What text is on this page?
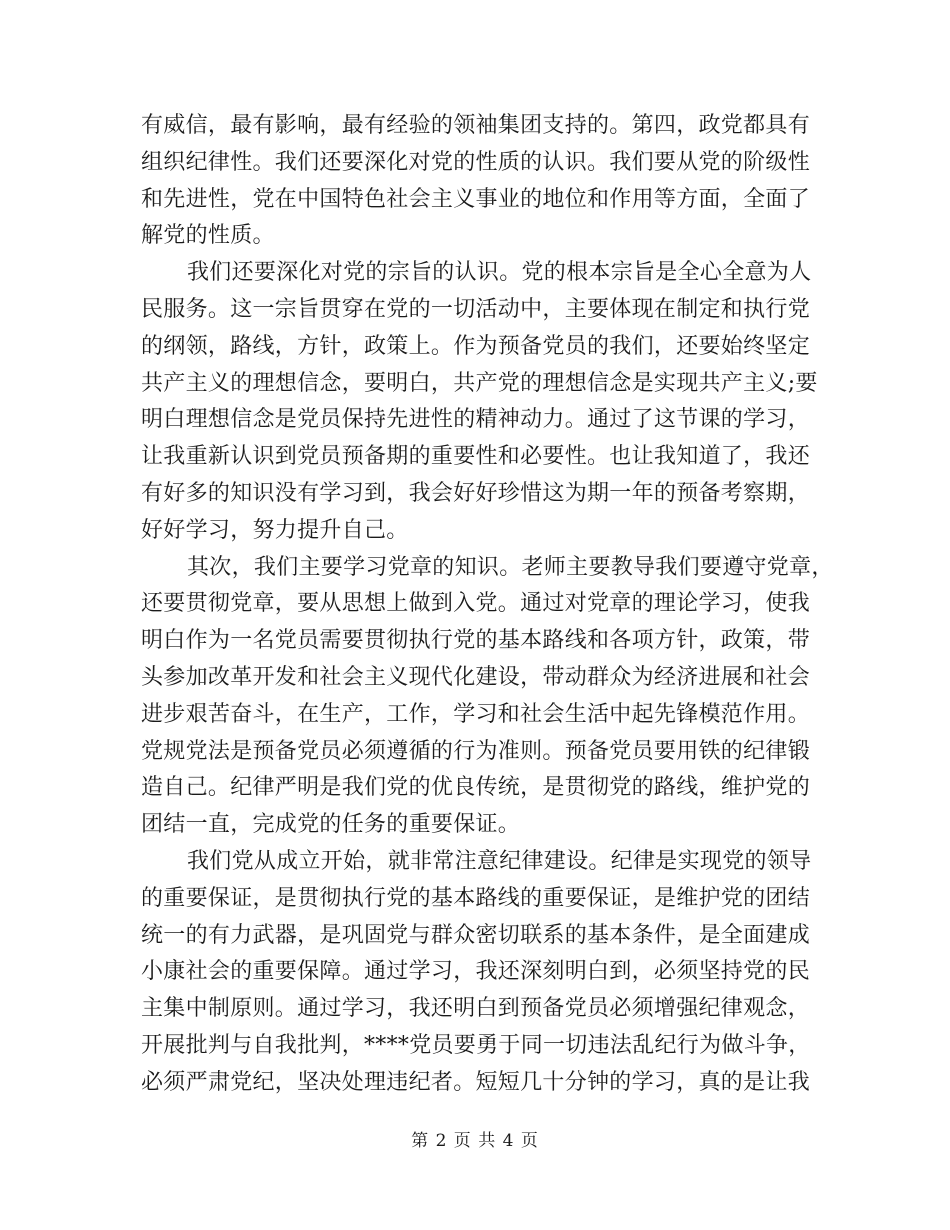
有威信，最有影响，最有经验的领袖集团支持的。第四，政党都具有
组织纪律性。我们还要深化对党的性质的认识。我们要从党的阶级性
和先进性，党在中国特色社会主义事业的地位和作用等方面，全面了
解党的性质。
我们还要深化对党的宗旨的认识。党的根本宗旨是全心全意为人
民服务。这一宗旨贯穿在党的一切活动中，主要体现在制定和执行党
的纲领，路线，方针，政策上。作为预备党员的我们，还要始终坚定
共产主义的理想信念，要明白，共产党的理想信念是实现共产主义;要
明白理想信念是党员保持先进性的精神动力。通过了这节课的学习，
让我重新认识到党员预备期的重要性和必要性。也让我知道了，我还
有好多的知识没有学习到，我会好好珍惜这为期一年的预备考察期，
好好学习，努力提升自己。
其次，我们主要学习党章的知识。老师主要教导我们要遵守党章，
还要贯彻党章，要从思想上做到入党。通过对党章的理论学习，使我
明白作为一名党员需要贯彻执行党的基本路线和各项方针，政策，带
头参加改革开发和社会主义现代化建设，带动群众为经济进展和社会
进步艰苦奋斗，在生产，工作，学习和社会生活中起先锋模范作用。
党规党法是预备党员必须遵循的行为准则。预备党员要用铁的纪律锻
造自己。纪律严明是我们党的优良传统，是贯彻党的路线，维护党的
团结一直，完成党的任务的重要保证。
我们党从成立开始，就非常注意纪律建设。纪律是实现党的领导
的重要保证，是贯彻执行党的基本路线的重要保证，是维护党的团结
统一的有力武器，是巩固党与群众密切联系的基本条件，是全面建成
小康社会的重要保障。通过学习，我还深刻明白到，必须坚持党的民
主集中制原则。通过学习，我还明白到预备党员必须增强纪律观念，
开展批判与自我批判，****党员要勇于同一切违法乱纪行为做斗争，
必须严肃党纪，坚决处理违纪者。短短几十分钟的学习，真的是让我
第 2 页 共 4 页
